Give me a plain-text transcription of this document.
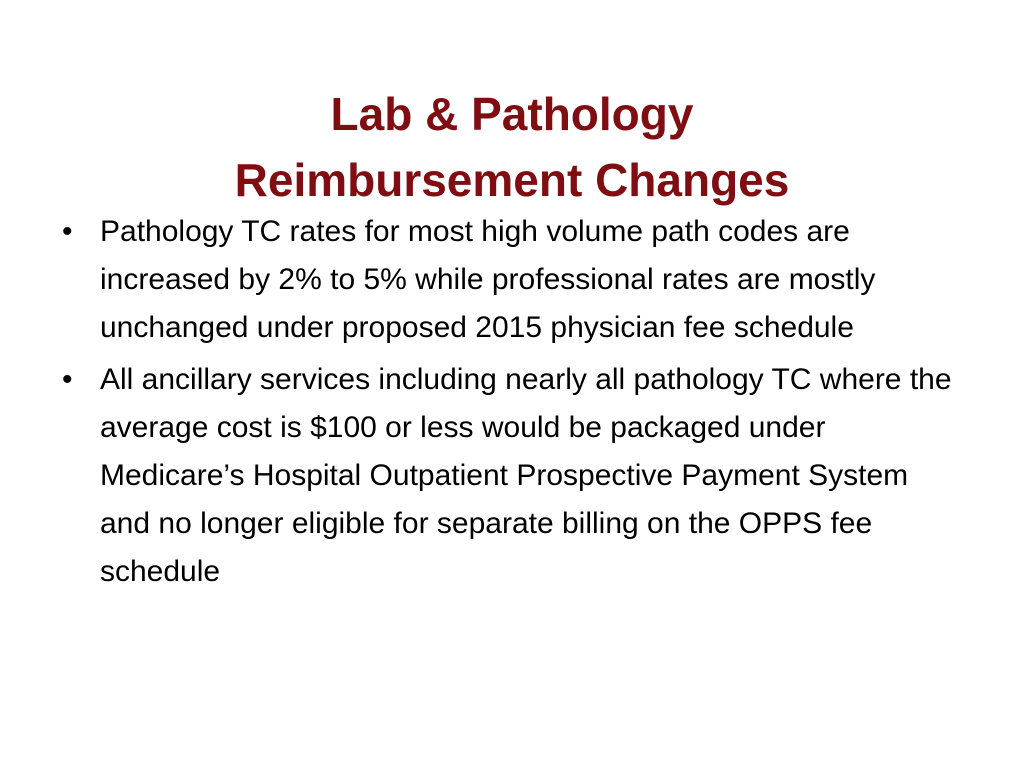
Lab & Pathology
Reimbursement Changes
• Pathology TC rates for most high volume path codes are increased by 2% to 5% while professional rates are mostly unchanged under proposed 2015 physician fee schedule
• All ancillary services including nearly all pathology TC where the average cost is $100 or less would be packaged under Medicare’s Hospital Outpatient Prospective Payment System and no longer eligible for separate billing on the OPPS fee schedule
